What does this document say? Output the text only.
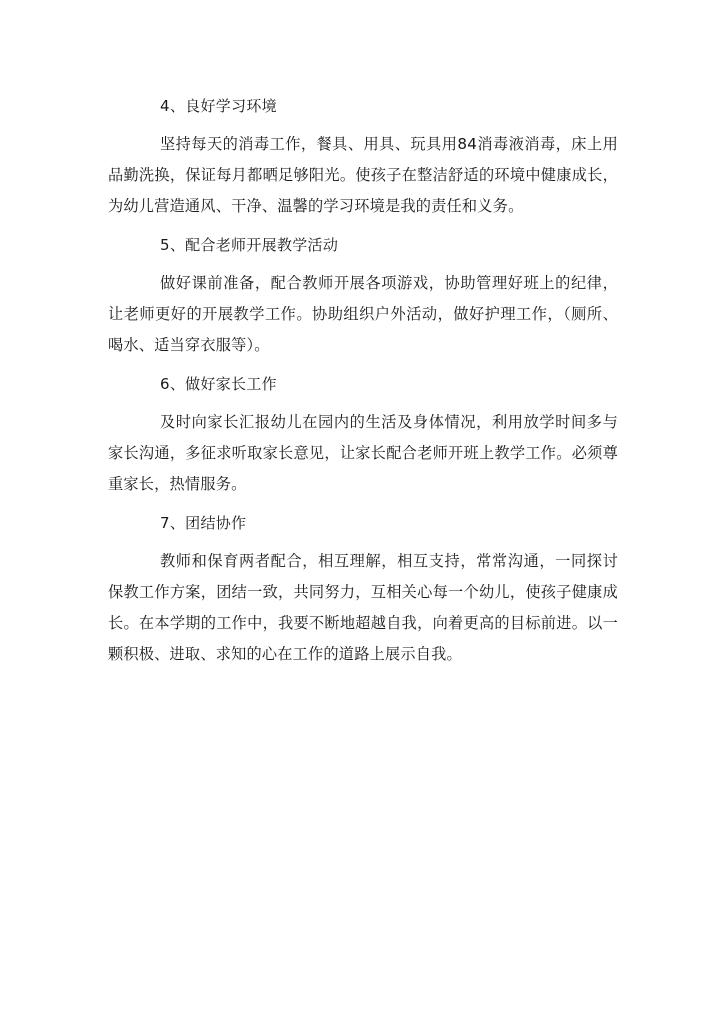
4、良好学习环境
坚持每天的消毒工作，餐具、用具、玩具用84消毒液消毒，床上用品勤洗换，保证每月都晒足够阳光。使孩子在整洁舒适的环境中健康成长，为幼儿营造通风、干净、温馨的学习环境是我的责任和义务。
5、配合老师开展教学活动
做好课前准备，配合教师开展各项游戏，协助管理好班上的纪律，让老师更好的开展教学工作。协助组织户外活动，做好护理工作，（厕所、喝水、适当穿衣服等）。
6、做好家长工作
及时向家长汇报幼儿在园内的生活及身体情况，利用放学时间多与家长沟通，多征求听取家长意见，让家长配合老师开班上教学工作。必须尊重家长，热情服务。
7、团结协作
教师和保育两者配合，相互理解，相互支持，常常沟通，一同探讨保教工作方案，团结一致，共同努力，互相关心每一个幼儿，使孩子健康成长。在本学期的工作中，我要不断地超越自我，向着更高的目标前进。以一颗积极、进取、求知的心在工作的道路上展示自我。
